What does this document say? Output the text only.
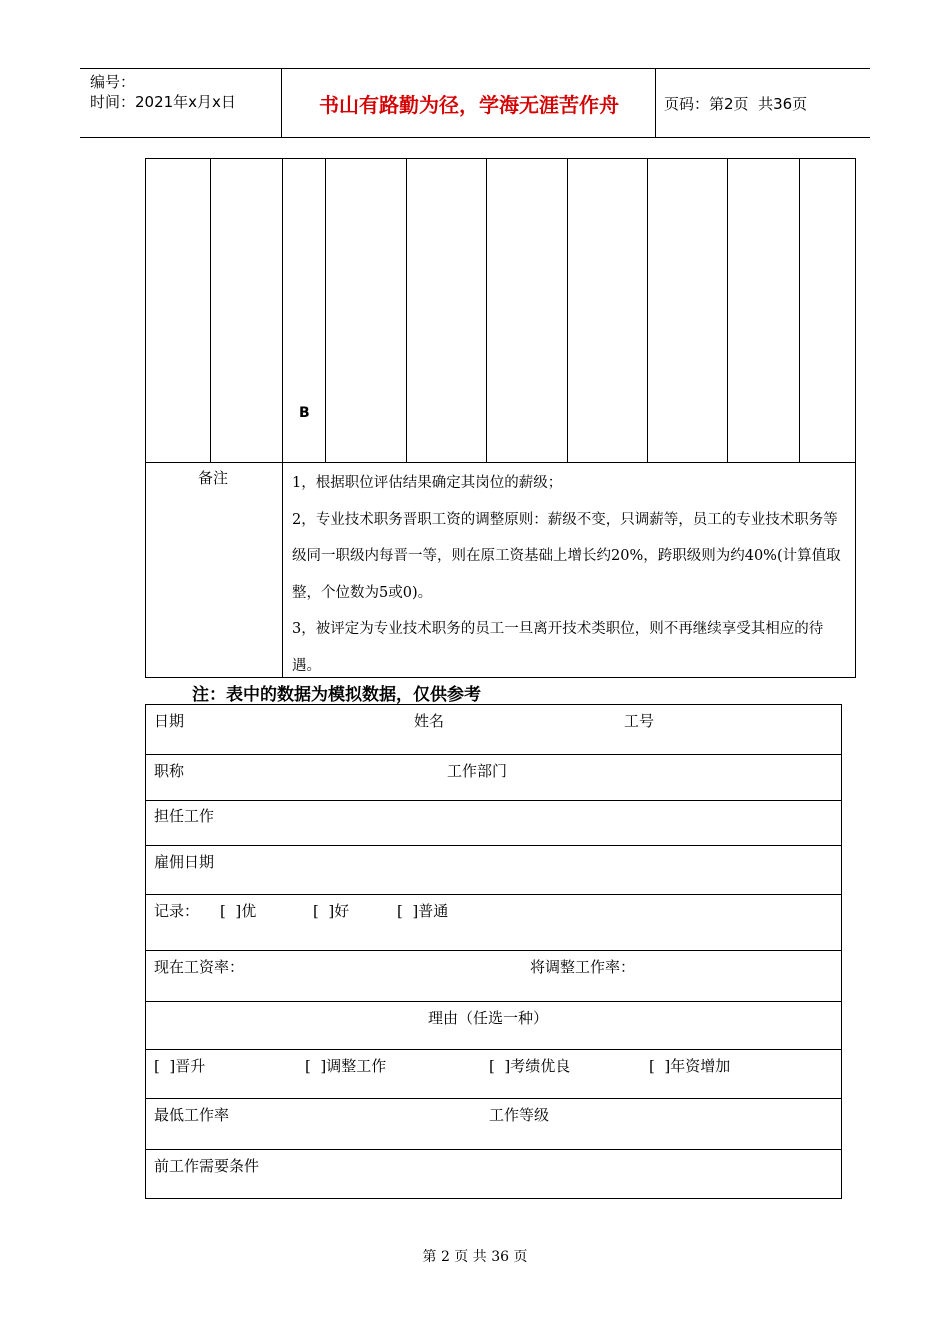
编号：
时间：2021年x月x日	书山有路勤为径，学海无涯苦作舟	页码：第2页  共36页
B
备注	1，根据职位评估结果确定其岗位的薪级；

2，专业技术职务晋职工资的调整原则：薪级不变，只调薪等，员工的专业技术职务等级同一职级内每晋一等，则在原工资基础上增长约20%，跨职级则为约40%(计算值取整，个位数为5或0)。

3，被评定为专业技术职务的员工一旦离开技术类职位，则不再继续享受其相应的待遇。

注：表中的数据为模拟数据，仅供参考
日期	姓名	工号
职称	工作部门
担任工作
雇佣日期
记录： [  ]优	[  ]好	[  ]普通
现在工资率：	将调整工作率：
理由（任选一种）
[  ]晋升	[  ]调整工作	[  ]考绩优良	[  ]年资增加
最低工作率	工作等级
前工作需要条件
第 2 页 共 36 页
